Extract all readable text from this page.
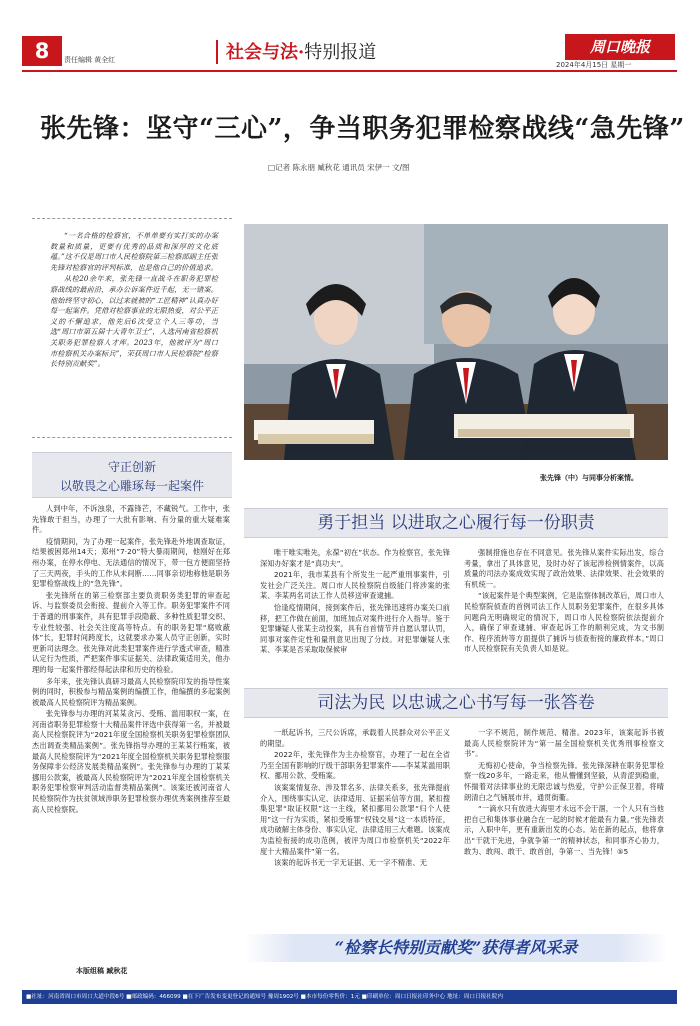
8	责任编辑 黄全红	社会与法·特别报道	周口晚报
2024年4月15日 星期一
张先锋：坚守“三心”，争当职务犯罪检察战线“急先锋”
□记者 陈永朋 臧秋花 通讯员 宋伊一 文/图

“一名合格的检察官，不单单要有实打实的办案数量和质量，更要有优秀的品质和深厚的文化底蕴。”这不仅是周口市人民检察院第三检察部副主任张先锋对检察官的评判标准，也是他自己的价值追求。

从检20余年来，张先锋一直战斗在职务犯罪检察战线的最前沿，承办公诉案件近千起，无一错案。他始终坚守初心，以过来就被的“工匠精神”认真办好每一起案件。凭借对检察事业的无限热爱，对公平正义的不懈追求，他先后6次受立个人三等功，当选“周口市第五届十大青年卫士”，入选河南省检察机关职务犯罪检察人才库。2023年，他被评为“周口市检察机关办案标兵”，荣获周口市人民检察院“检察长特别贡献奖”。

张先锋（中）与同事分析案情。
守正创新
以敬畏之心雕琢每一起案件

人到中年，不诉浊泉，不露锋芒，不藏锐气。工作中，张先锋敢于担当，办理了一大批有影响、有分量的重大疑难案件。

疫情期间，为了办理一起案件，张先锋赴外地调查取证，结果被困郑州14天；郑州“7·20”特大暴雨期间，他刚好在郑州办案，在停水停电、无法通信的情况下，带一包方便面坚持了三天两夜，手头的工作从未间断……同事亲切地称他是职务犯罪检察战线上的“急先锋”。

张先锋所在的第三检察部主要负责职务类犯罪的审查起诉、与监察委员会衔接、提前介入等工作。职务犯罪案件不同于普通的刑事案件，具有犯罪手段隐蔽、多种性质犯罪交织、专业性较强、社会关注度高等特点。有的职务犯罪“腐败蔽体”长，犯罪时间跨度长，这就要求办案人员守正创新，实时更新司法理念。张先锋对此类犯罪案件进行学透式审查，精准认定行为性质，严把案件事实证据关、法律政策适用关，他办理的每一起案件都经得起法律和历史的检验。

多年来，张先锋认真研习最高人民检察院印发的指导性案例的同时，积极参与精品案例的编撰工作，他编撰的多起案例被最高人民检察院评为精品案例。

张先锋参与办理的河某某贪污、受贿、滥用职权一案，在河南省职务犯罪检察十大精品案件评选中获得第一名，并被最高人民检察院评为“2021年度全国检察机关职务犯罪检察团队杰出调查类精品案例”。张先锋指导办理的王某某行贿案，被最高人民检察院评为“2021年度全国检察机关职务犯罪检察服务保障非公经济发展类精品案例”。张先锋参与办理的丁某某挪用公款案，被最高人民检察院评为“2021年度全国检察机关职务犯罪检察审判活动监督类精品案例”。该案还被河南省人民检察院作为扶贫领域涉职务犯罪检察办理优秀案例推荐至最高人民检察院。

本版组稿 臧秋花
勇于担当 以进取之心履行每一份职责

唯干唯实唯先，永葆“初在”状态。作为检察官，张先锋深知办好案才是“真功夫”。

2021年，我市某县有个所发生一起严重刑事案件，引发社会广泛关注。周口市人民检察院自级能门将涉案的张某、李某两名司法工作人员移送审查逮捕。

恰逢疫情期间，接到案件后，张先锋迅速将办案关口前移，把工作做在前面，加班加点对案件进行介入指导。鉴于犯罪嫌疑人张某主动投案，具有自首情节并自愿认罪认罚，同事对案件定性和量刑意见出现了分歧。对犯罪嫌疑人张某、李某是否采取取保候审

强制措施也存在不同意见。张先锋从案件实际出发，综合考量，拿出了具体意见，及时办好了该起涉检例情案件，以高质量的司法办案成效实现了政治效果、法律效果、社会效果的有机统一。

“该起案件是个典型案例，它是监察体制改革后，周口市人民检察院侦查的首例司法工作人员职务犯罪案件，在很多具体问题尚无明确规定的情况下，周口市人民检察院依法提前介入，确保了审查逮捕、审查起诉工作的顺利完成，为文书制作、程序流转等方面提供了捕诉与侦查衔接的廉政样本。”周口市人民检察院有关负责人如是说。

司法为民 以忠诚之心书写每一张答卷

一纸起诉书，三尺公诉席，承载着人民群众对公平正义的期望。

2022年，张先锋作为主办检察官，办理了一起在全省乃至全国有影响的厅级干部职务犯罪案件——李某某滥用职权、挪用公款、受贿案。

该案案情复杂、涉及罪名多、法律关系多，张先锋提前介入，围绕事实认定、法律适用、证据采信等方面，紧扣搜集犯罪“取证权限”这一主线，紧扣挪用公款罪“归个人使用”这一行为实质，紧扣受贿罪“权钱交易”这一本质特征，成功破解主体身份、事实认定、法律适用三大难题。该案成为监检衔接的成功范例，被评为周口市检察机关“2022年度十大精品案件”第一名。

该案的起诉书无一字无证据、无一字不精准、无

一字不规范，制作规范、精准。2023年，该案起诉书被最高人民检察院评为“第一届全国检察机关优秀刑事检察文书”。

无悔初心使命，争当检察先锋。张先锋深耕在职务犯罪检察一线20多年，一路走来，他从懵懂到坚毅，从青涩到稳重，怀揣着对法律事业的无限忠诚与热爱，守护公正保卫着，将晴朗清白之气铺展市井，通贯街衢。

“一滴水只有放进大海里才永远不会干涸，一个人只有当他把自己和集体事业融合在一起的时候才能最有力量。”张先锋表示，入职中年，更有重新出发的心态。站在新的起点，他将拿出“干就干先进，争就争第一”的精神状态，和同事齐心协力，敢为、敢闯、敢干、敢首创，争第一、当先锋！⑤5

“检察长特别贡献奖”获得者风采录
■社址：河南省周口市周口大道中段6号 ■邮政编码：466099 ■在下广告发布变更登记的通知号 豫周1902号 ■本市每份零售价：1元 ■印刷单位：周口日报社印务中心 地址：周口日报社院内
